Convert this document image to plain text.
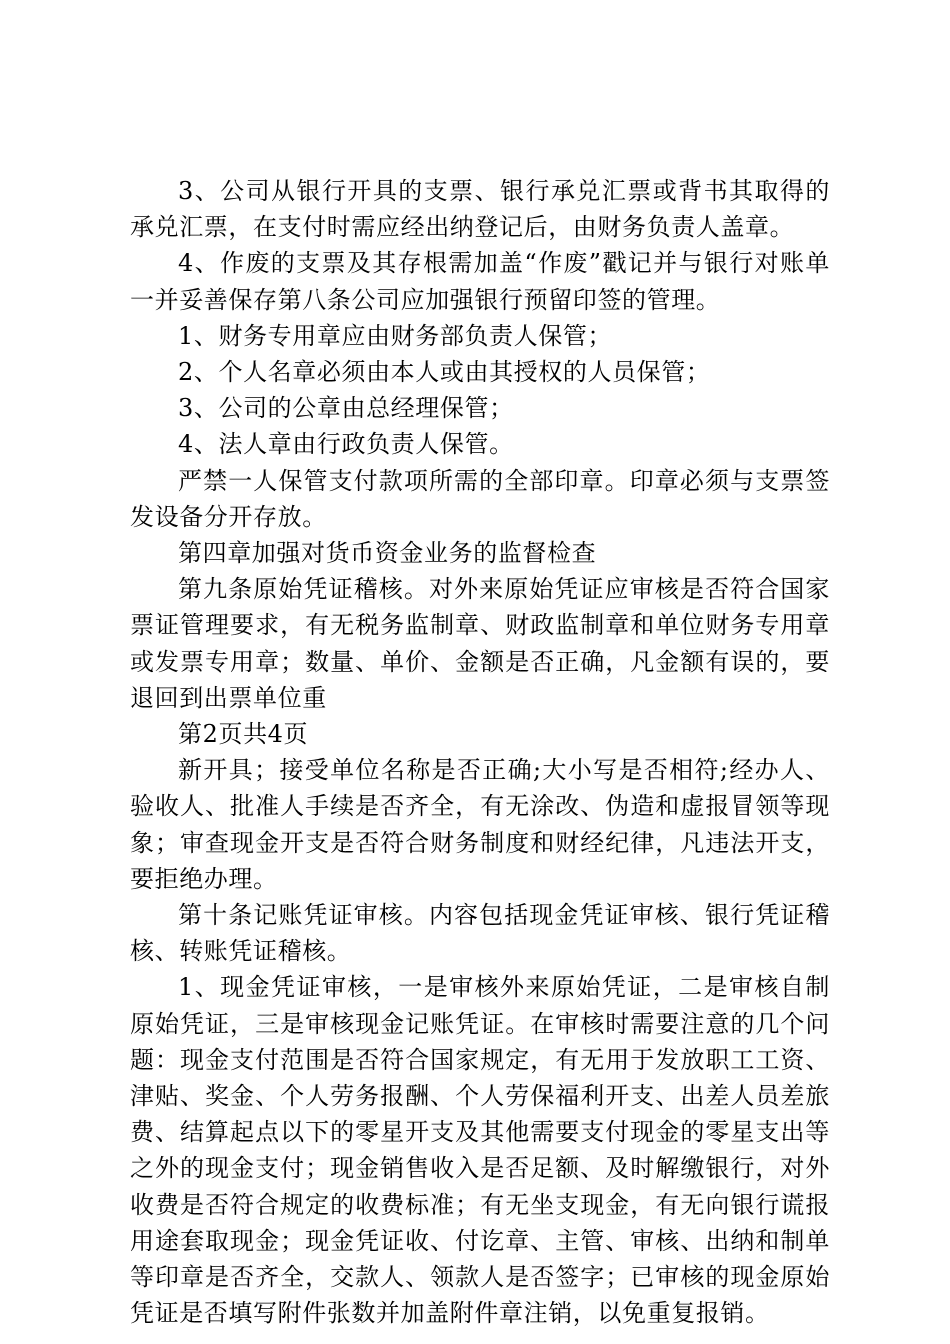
3、公司从银行开具的支票、银行承兑汇票或背书其取得的承兑汇票，在支付时需应经出纳登记后，由财务负责人盖章。

4、作废的支票及其存根需加盖“作废”戳记并与银行对账单一并妥善保存第八条公司应加强银行预留印签的管理。

1、财务专用章应由财务部负责人保管；

2、个人名章必须由本人或由其授权的人员保管；

3、公司的公章由总经理保管；

4、法人章由行政负责人保管。

严禁一人保管支付款项所需的全部印章。印章必须与支票签发设备分开存放。

第四章加强对货币资金业务的监督检查

第九条原始凭证稽核。对外来原始凭证应审核是否符合国家票证管理要求，有无税务监制章、财政监制章和单位财务专用章或发票专用章；数量、单价、金额是否正确，凡金额有误的，要退回到出票单位重

第2页共4页

新开具；接受单位名称是否正确;大小写是否相符;经办人、验收人、批准人手续是否齐全，有无涂改、伪造和虚报冒领等现象；审查现金开支是否符合财务制度和财经纪律，凡违法开支，要拒绝办理。

第十条记账凭证审核。内容包括现金凭证审核、银行凭证稽核、转账凭证稽核。

1、现金凭证审核，一是审核外来原始凭证，二是审核自制原始凭证，三是审核现金记账凭证。在审核时需要注意的几个问题：现金支付范围是否符合国家规定，有无用于发放职工工资、津贴、奖金、个人劳务报酬、个人劳保福利开支、出差人员差旅费、结算起点以下的零星开支及其他需要支付现金的零星支出等之外的现金支付；现金销售收入是否足额、及时解缴银行，对外收费是否符合规定的收费标准；有无坐支现金，有无向银行谎报用途套取现金；现金凭证收、付讫章、主管、审核、出纳和制单等印章是否齐全，交款人、领款人是否签字；已审核的现金原始凭证是否填写附件张数并加盖附件章注销，以免重复报销。
